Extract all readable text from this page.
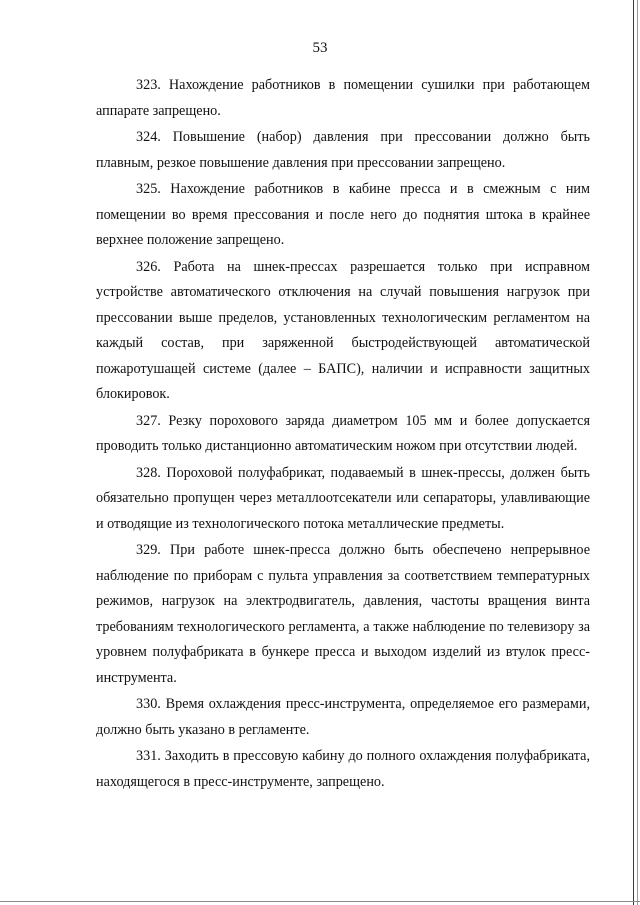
53

323. Нахождение работников в помещении сушилки при работающем аппарате запрещено.

324. Повышение (набор) давления при прессовании должно быть плавным, резкое повышение давления при прессовании запрещено.

325. Нахождение работников в кабине пресса и в смежным с ним помещении во время прессования и после него до поднятия штока в крайнее верхнее положение запрещено.

326. Работа на шнек-прессах разрешается только при исправном устройстве автоматического отключения на случай повышения нагрузок при прессовании выше пределов, установленных технологическим регламентом на каждый состав, при заряженной быстродействующей автоматической пожаротушащей системе (далее – БАПС), наличии и исправности защитных блокировок.

327. Резку порохового заряда диаметром 105 мм и более допускается проводить только дистанционно автоматическим ножом при отсутствии людей.

328. Пороховой полуфабрикат, подаваемый в шнек-прессы, должен быть обязательно пропущен через металлоотсекатели или сепараторы, улавливающие и отводящие из технологического потока металлические предметы.

329. При работе шнек-пресса должно быть обеспечено непрерывное наблюдение по приборам с пульта управления за соответствием температурных режимов, нагрузок на электродвигатель, давления, частоты вращения винта требованиям технологического регламента, а также наблюдение по телевизору за уровнем полуфабриката в бункере пресса и выходом изделий из втулок пресс-инструмента.

330. Время охлаждения пресс-инструмента, определяемое его размерами, должно быть указано в регламенте.

331. Заходить в прессовую кабину до полного охлаждения полуфабриката, находящегося в пресс-инструменте, запрещено.
